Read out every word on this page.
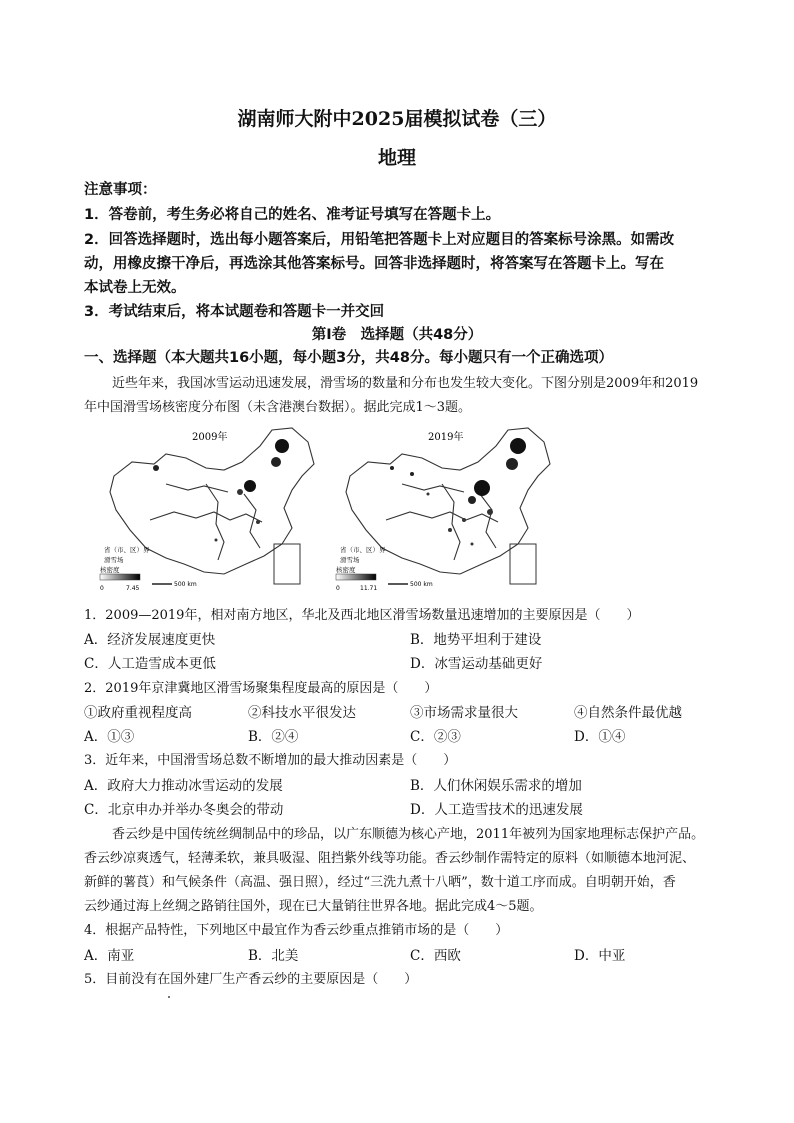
湖南师大附中2025届模拟试卷（三）
地理
注意事项：
1．答卷前，考生务必将自己的姓名、准考证号填写在答题卡上。
2．回答选择题时，选出每小题答案后，用铅笔把答题卡上对应题目的答案标号涂黑。如需改
动，用橡皮擦干净后，再选涂其他答案标号。回答非选择题时，将答案写在答题卡上。写在
本试卷上无效。
3．考试结束后，将本试题卷和答题卡一并交回
第Ⅰ卷　选择题（共48分）
一、选择题（本大题共16小题，每小题3分，共48分。每小题只有一个正确选项）
近些年来，我国冰雪运动迅速发展，滑雪场的数量和分布也发生较大变化。下图分别是2009年和2019
年中国滑雪场核密度分布图（未含港澳台数据）。据此完成1～3题。
2009年
省（市、区）界
滑雪场
核密度
0	7.45
500 km
2019年
省（市、区）界
滑雪场
核密度
0	11.71
500 km
1．2009—2019年，相对南方地区，华北及西北地区滑雪场数量迅速增加的主要原因是（　　）
A．经济发展速度更快	B．地势平坦利于建设
C．人工造雪成本更低	D．冰雪运动基础更好
2．2019年京津冀地区滑雪场聚集程度最高的原因是（　　）
①政府重视程度高	②科技水平很发达	③市场需求量很大	④自然条件最优越
A．①③	B．②④	C．②③	D．①④
3．近年来，中国滑雪场总数不断增加的最大推动因素是（　　）
A．政府大力推动冰雪运动的发展	B．人们休闲娱乐需求的增加
C．北京申办并举办冬奥会的带动	D．人工造雪技术的迅速发展
香云纱是中国传统丝绸制品中的珍品，以广东顺德为核心产地，2011年被列为国家地理标志保护产品。
香云纱凉爽透气，轻薄柔软，兼具吸湿、阻挡紫外线等功能。香云纱制作需特定的原料（如顺德本地河泥、
新鲜的薯莨）和气候条件（高温、强日照），经过“三洗九煮十八晒”，数十道工序而成。自明朝开始，香
云纱通过海上丝绸之路销往国外，现在已大量销往世界各地。据此完成4～5题。
4．根据产品特性，下列地区中最宜作为香云纱重点推销市场的是（　　）
A．南亚	B．北美	C．西欧	D．中亚
5．目前没有在国外建厂生产香云纱的主要原因是（　　）
